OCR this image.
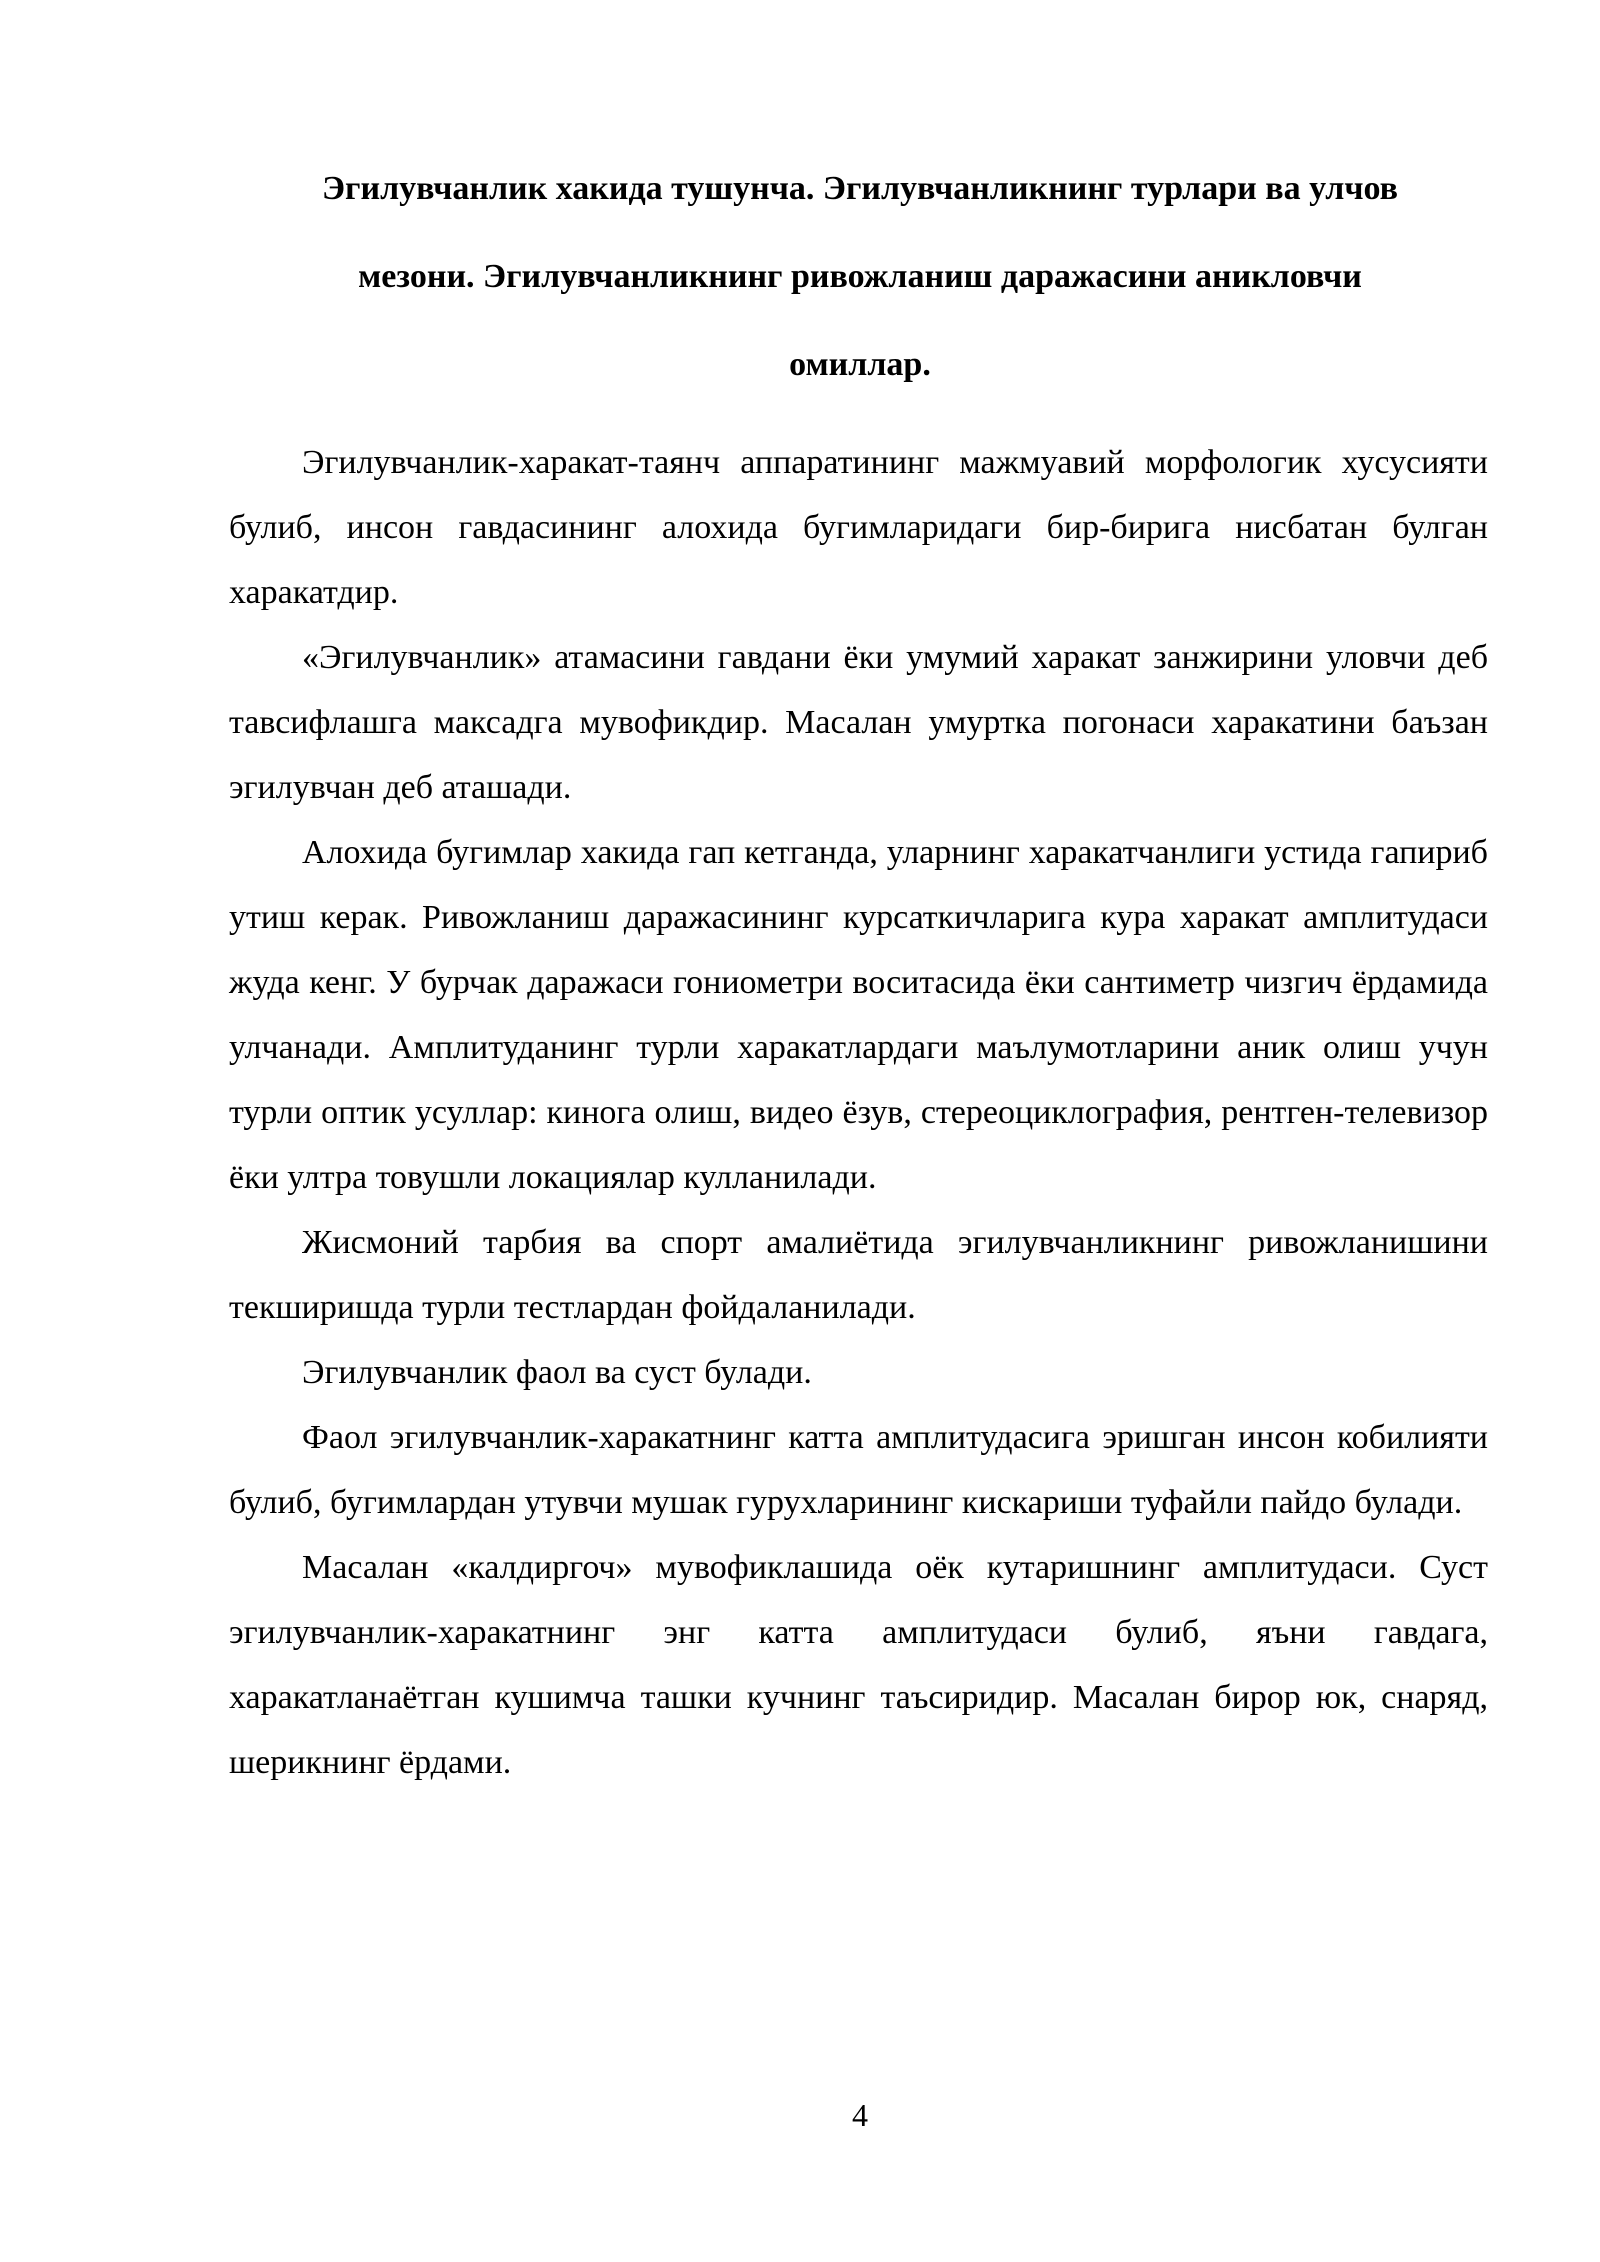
Эгилувчанлик хакида тушунча. Эгилувчанликнинг турлари ва улчов
мезони. Эгилувчанликнинг ривожланиш даражасини аникловчи
омиллар.

Эгилувчанлик-харакат-таянч аппаратининг мажмуавий морфологик хусусияти булиб, инсон гавдасининг алохида бугимларидаги бир-бирига нисбатан булган харакатдир.

«Эгилувчанлик» атамасини гавдани ёки умумий харакат занжирини уловчи деб тавсифлашга максадга мувофикдир. Масалан умуртка погонаси харакатини баъзан эгилувчан деб аташади.

Алохида бугимлар хакида гап кетганда, уларнинг харакатчанлиги устида гапириб утиш керак. Ривожланиш даражасининг курсаткичларига кура харакат амплитудаси жуда кенг. У бурчак даражаси гониометри воситасида ёки сантиметр чизгич ёрдамида улчанади. Амплитуданинг турли харакатлардаги маълумотларини аник олиш учун турли оптик усуллар: кинога олиш, видео ёзув, стереоциклография, рентген-телевизор ёки ултра товушли локациялар кулланилади.

Жисмоний тарбия ва спорт амалиётида эгилувчанликнинг ривожланишини текширишда турли тестлардан фойдаланилади.

Эгилувчанлик фаол ва суст булади.

Фаол эгилувчанлик-харакатнинг катта амплитудасига эришган инсон кобилияти булиб, бугимлардан утувчи мушак гурухларининг кискариши туфайли пайдо булади.

Масалан «калдиргоч» мувофиклашида оёк кутаришнинг амплитудаси. Суст эгилувчанлик-харакатнинг энг катта амплитудаси булиб, яъни гавдага, харакатланаётган кушимча ташки кучнинг таъсиридир. Масалан бирор юк, снаряд, шерикнинг ёрдами.

4
